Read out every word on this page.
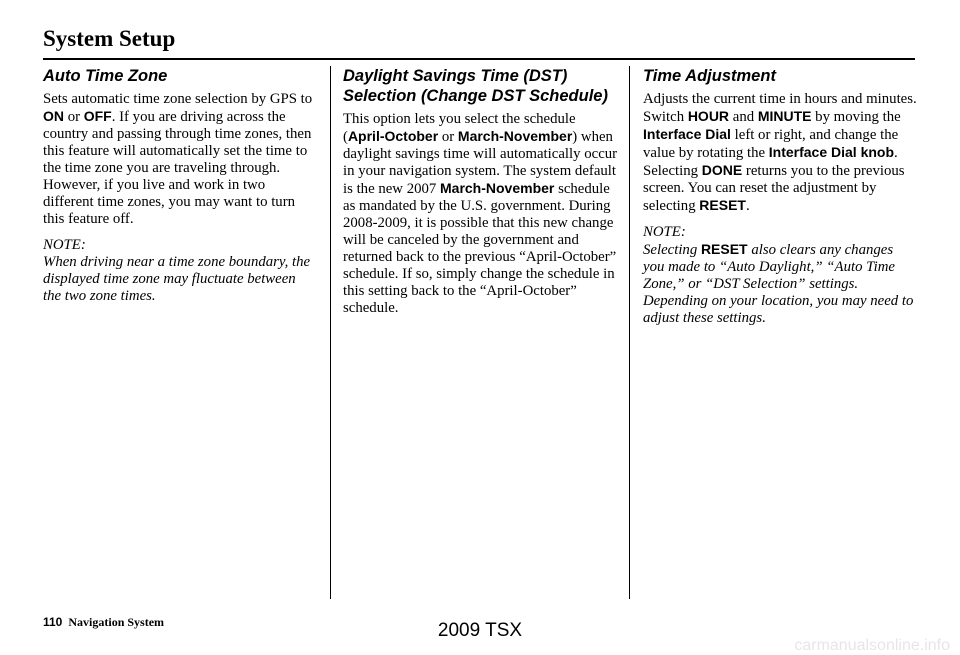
System Setup
Auto Time Zone

Sets automatic time zone selection by GPS to ON or OFF. If you are driving across the country and passing through time zones, then this feature will automatically set the time to the time zone you are traveling through. However, if you live and work in two different time zones, you may want to turn this feature off.

NOTE:

When driving near a time zone boundary, the displayed time zone may fluctuate between the two zone times.

Daylight Savings Time (DST) Selection (Change DST Schedule)

This option lets you select the schedule (April-October or March-November) when daylight savings time will automatically occur in your navigation system. The system default is the new 2007 March-November schedule as mandated by the U.S. government. During 2008-2009, it is possible that this new change will be canceled by the government and returned back to the previous “April-October” schedule. If so, simply change the schedule in this setting back to the “April-October” schedule.

Time Adjustment

Adjusts the current time in hours and minutes. Switch HOUR and MINUTE by moving the Interface Dial left or right, and change the value by rotating the Interface Dial knob. Selecting DONE returns you to the previous screen. You can reset the adjustment by selecting RESET.

NOTE:

Selecting RESET also clears any changes you made to “Auto Daylight,” “Auto Time Zone,” or “DST Selection” settings. Depending on your location, you may need to adjust these settings.

110 Navigation System	2009 TSX
carmanualsonline.info
